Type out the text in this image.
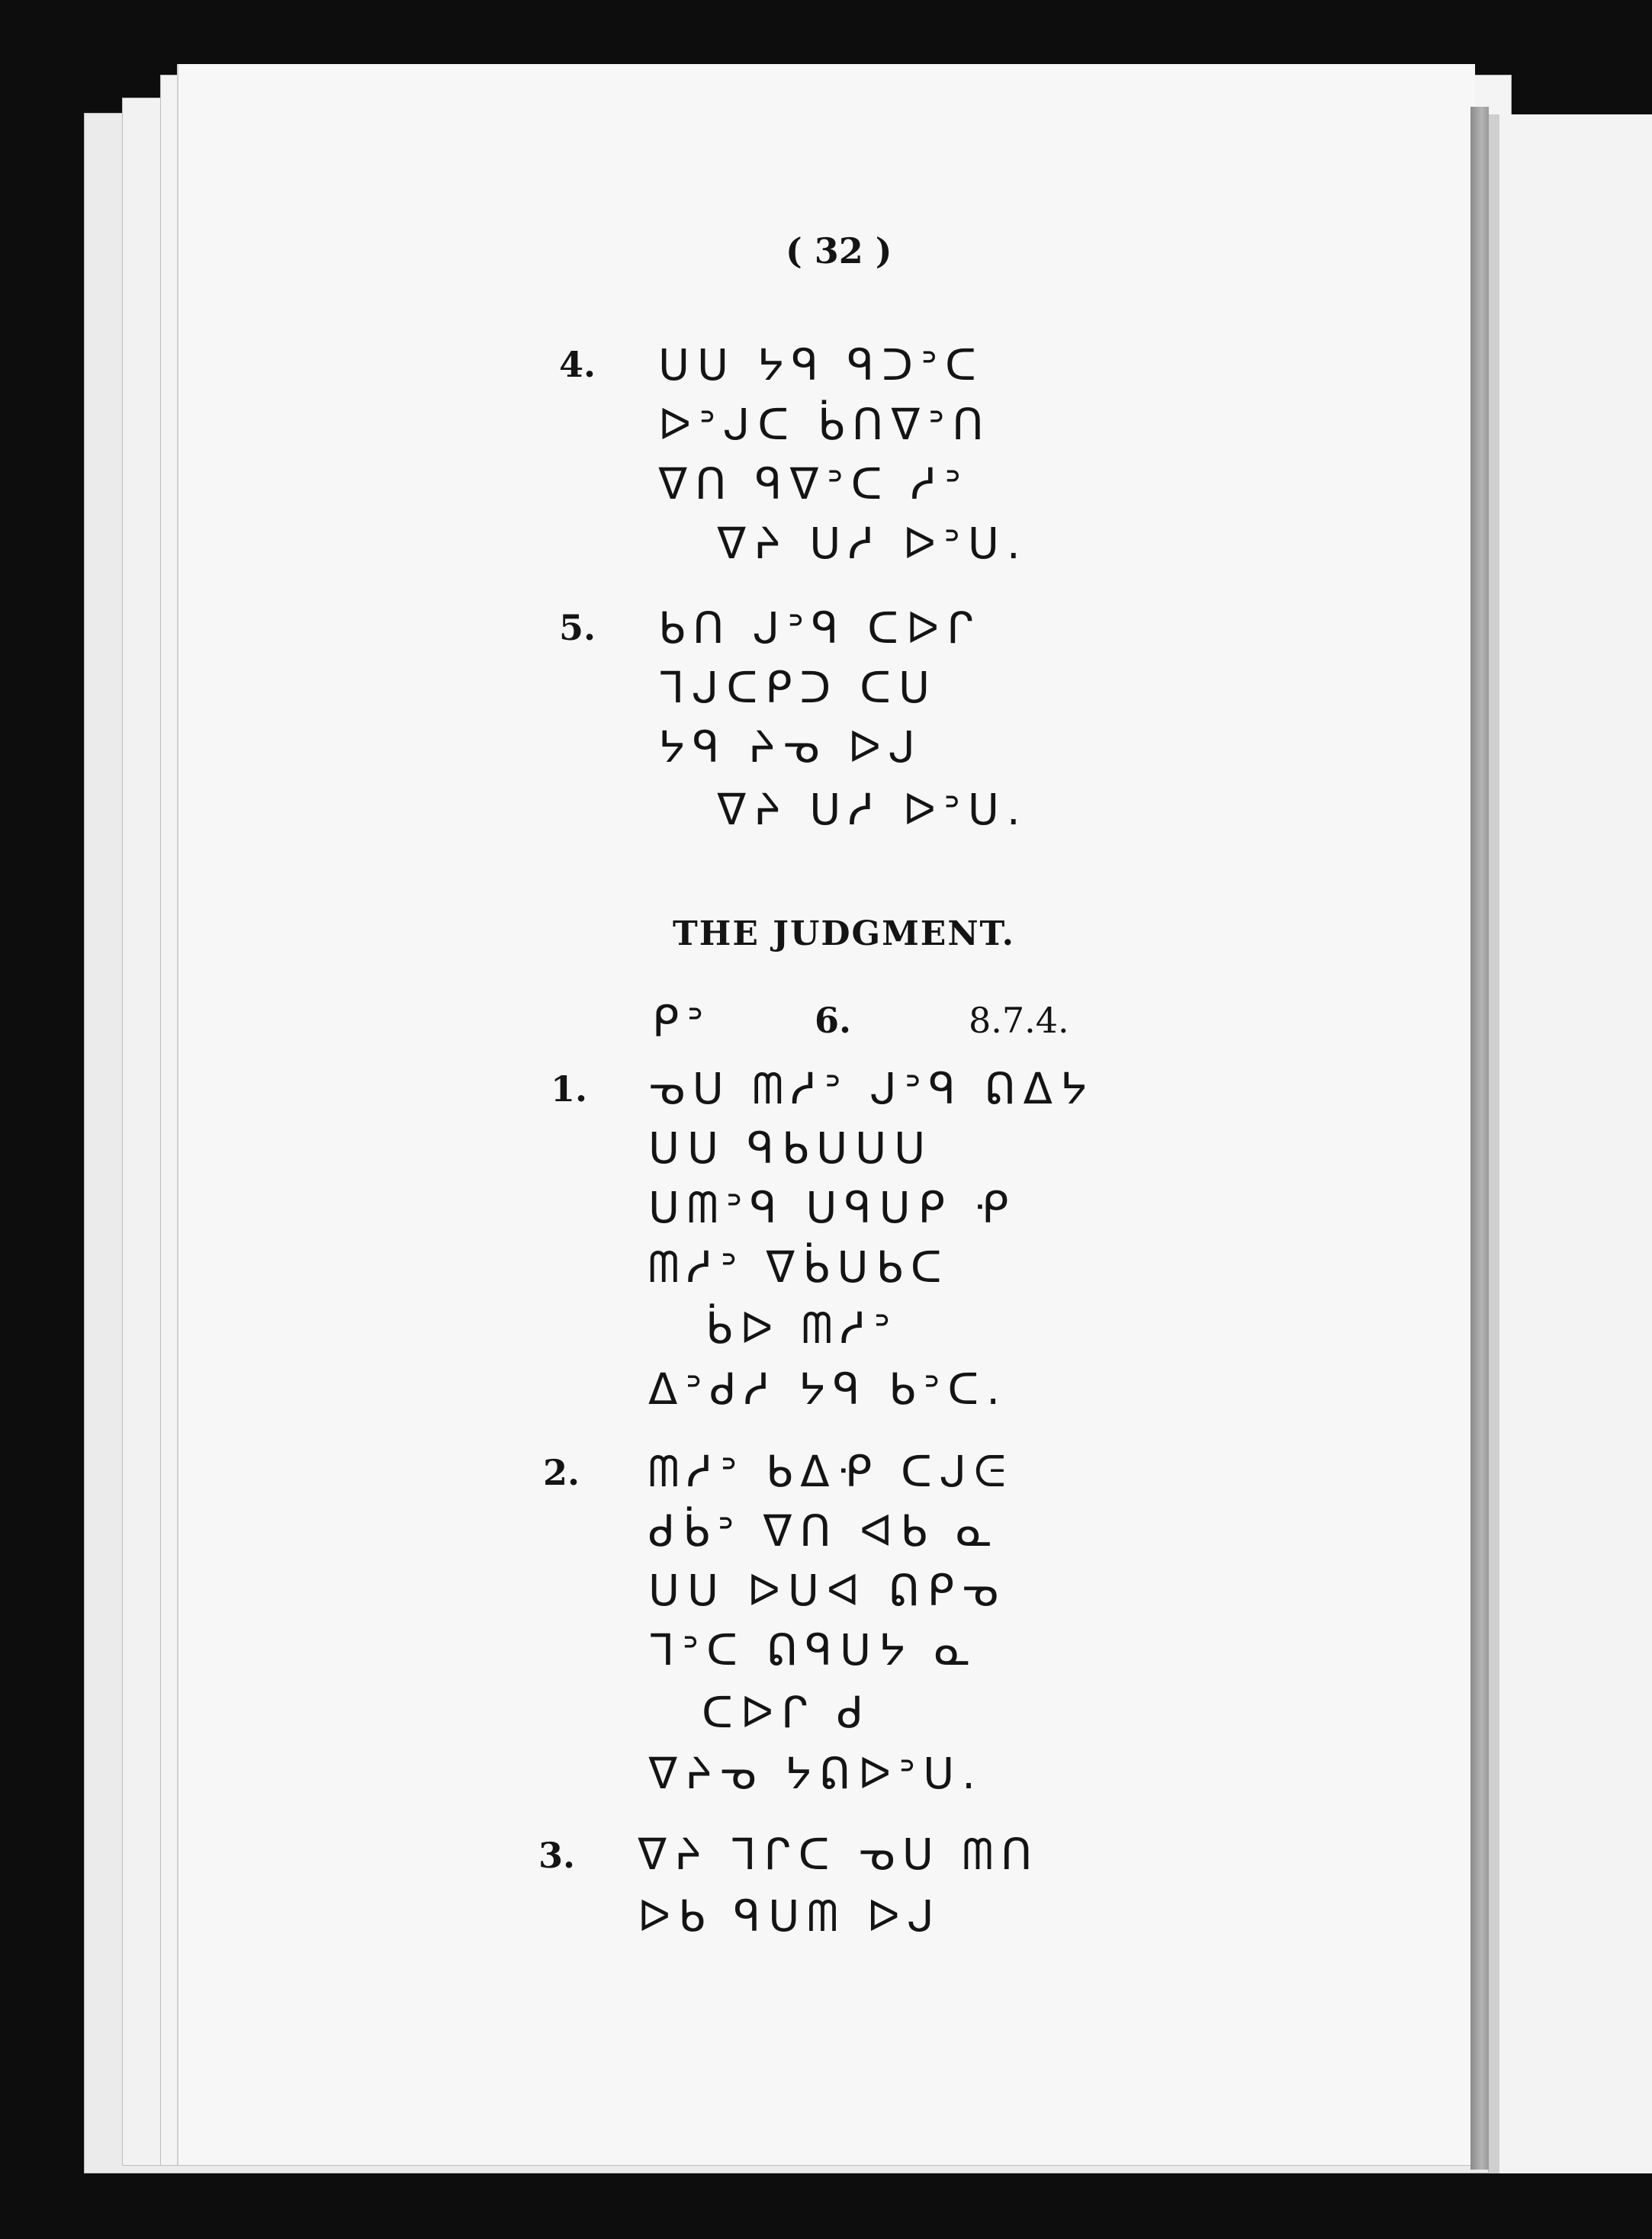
( 32 )
4. ᑌᑌ ᔭᑫ ᑫᑐᐣᑕ
ᐅᐣᒍᑕ ᑳᑎᐁᐣᑎ
ᐁᑎ ᑫᐁᐣᑕ ᓱᐣ
ᐁᔨ ᑌᓱ ᐅᐣᑌ.
5. ᑲᑎ ᒍᐣᑫ ᑕᐅᒋ
ᒣᒍᑕᑭᑐ ᑕᑌ
ᔭᑫ ᔨᓀ ᐅᒍ
ᐁᔨ ᑌᓱ ᐅᐣᑌ.
THE JUDGMENT.
ᑭᐣ	6.	8.7.4.
1. ᓀᑌ ᗰᓱᐣ ᒍᐣᑫ ᕠᐃᔭ
ᑌᑌ ᑫᑲᑌᑌᑌ
ᑌᗰᐣᑫ ᑌᑫᑌᑭ ᑶ
ᗰᓱᐣ ᐁᑳᑌᑲᑕ
ᑳᐅ ᗰᓱᐣ
ᐃᐣᑯᓱ ᔭᑫ ᑲᐣᑕ.
2. ᗰᓱᐣ ᑲᐃᑶ ᑕᒍᕮ
ᑯᑳᐣ ᐁᑎ ᐊᑲ ᓇ
ᑌᑌ ᐅᑌᐊ ᕠᑭᓀ
ᒣᐣᑕ ᕠᑫᑌᔭ ᓇ
ᑕᐅᒋ ᑯ
ᐁᔨᓀ ᔭᕠᐅᐣᑌ.
3. ᐁᔨ ᒣᒋᑕ ᓀᑌ ᗰᑎ
ᐅᑲ ᑫᑌᗰ ᐅᒍ
